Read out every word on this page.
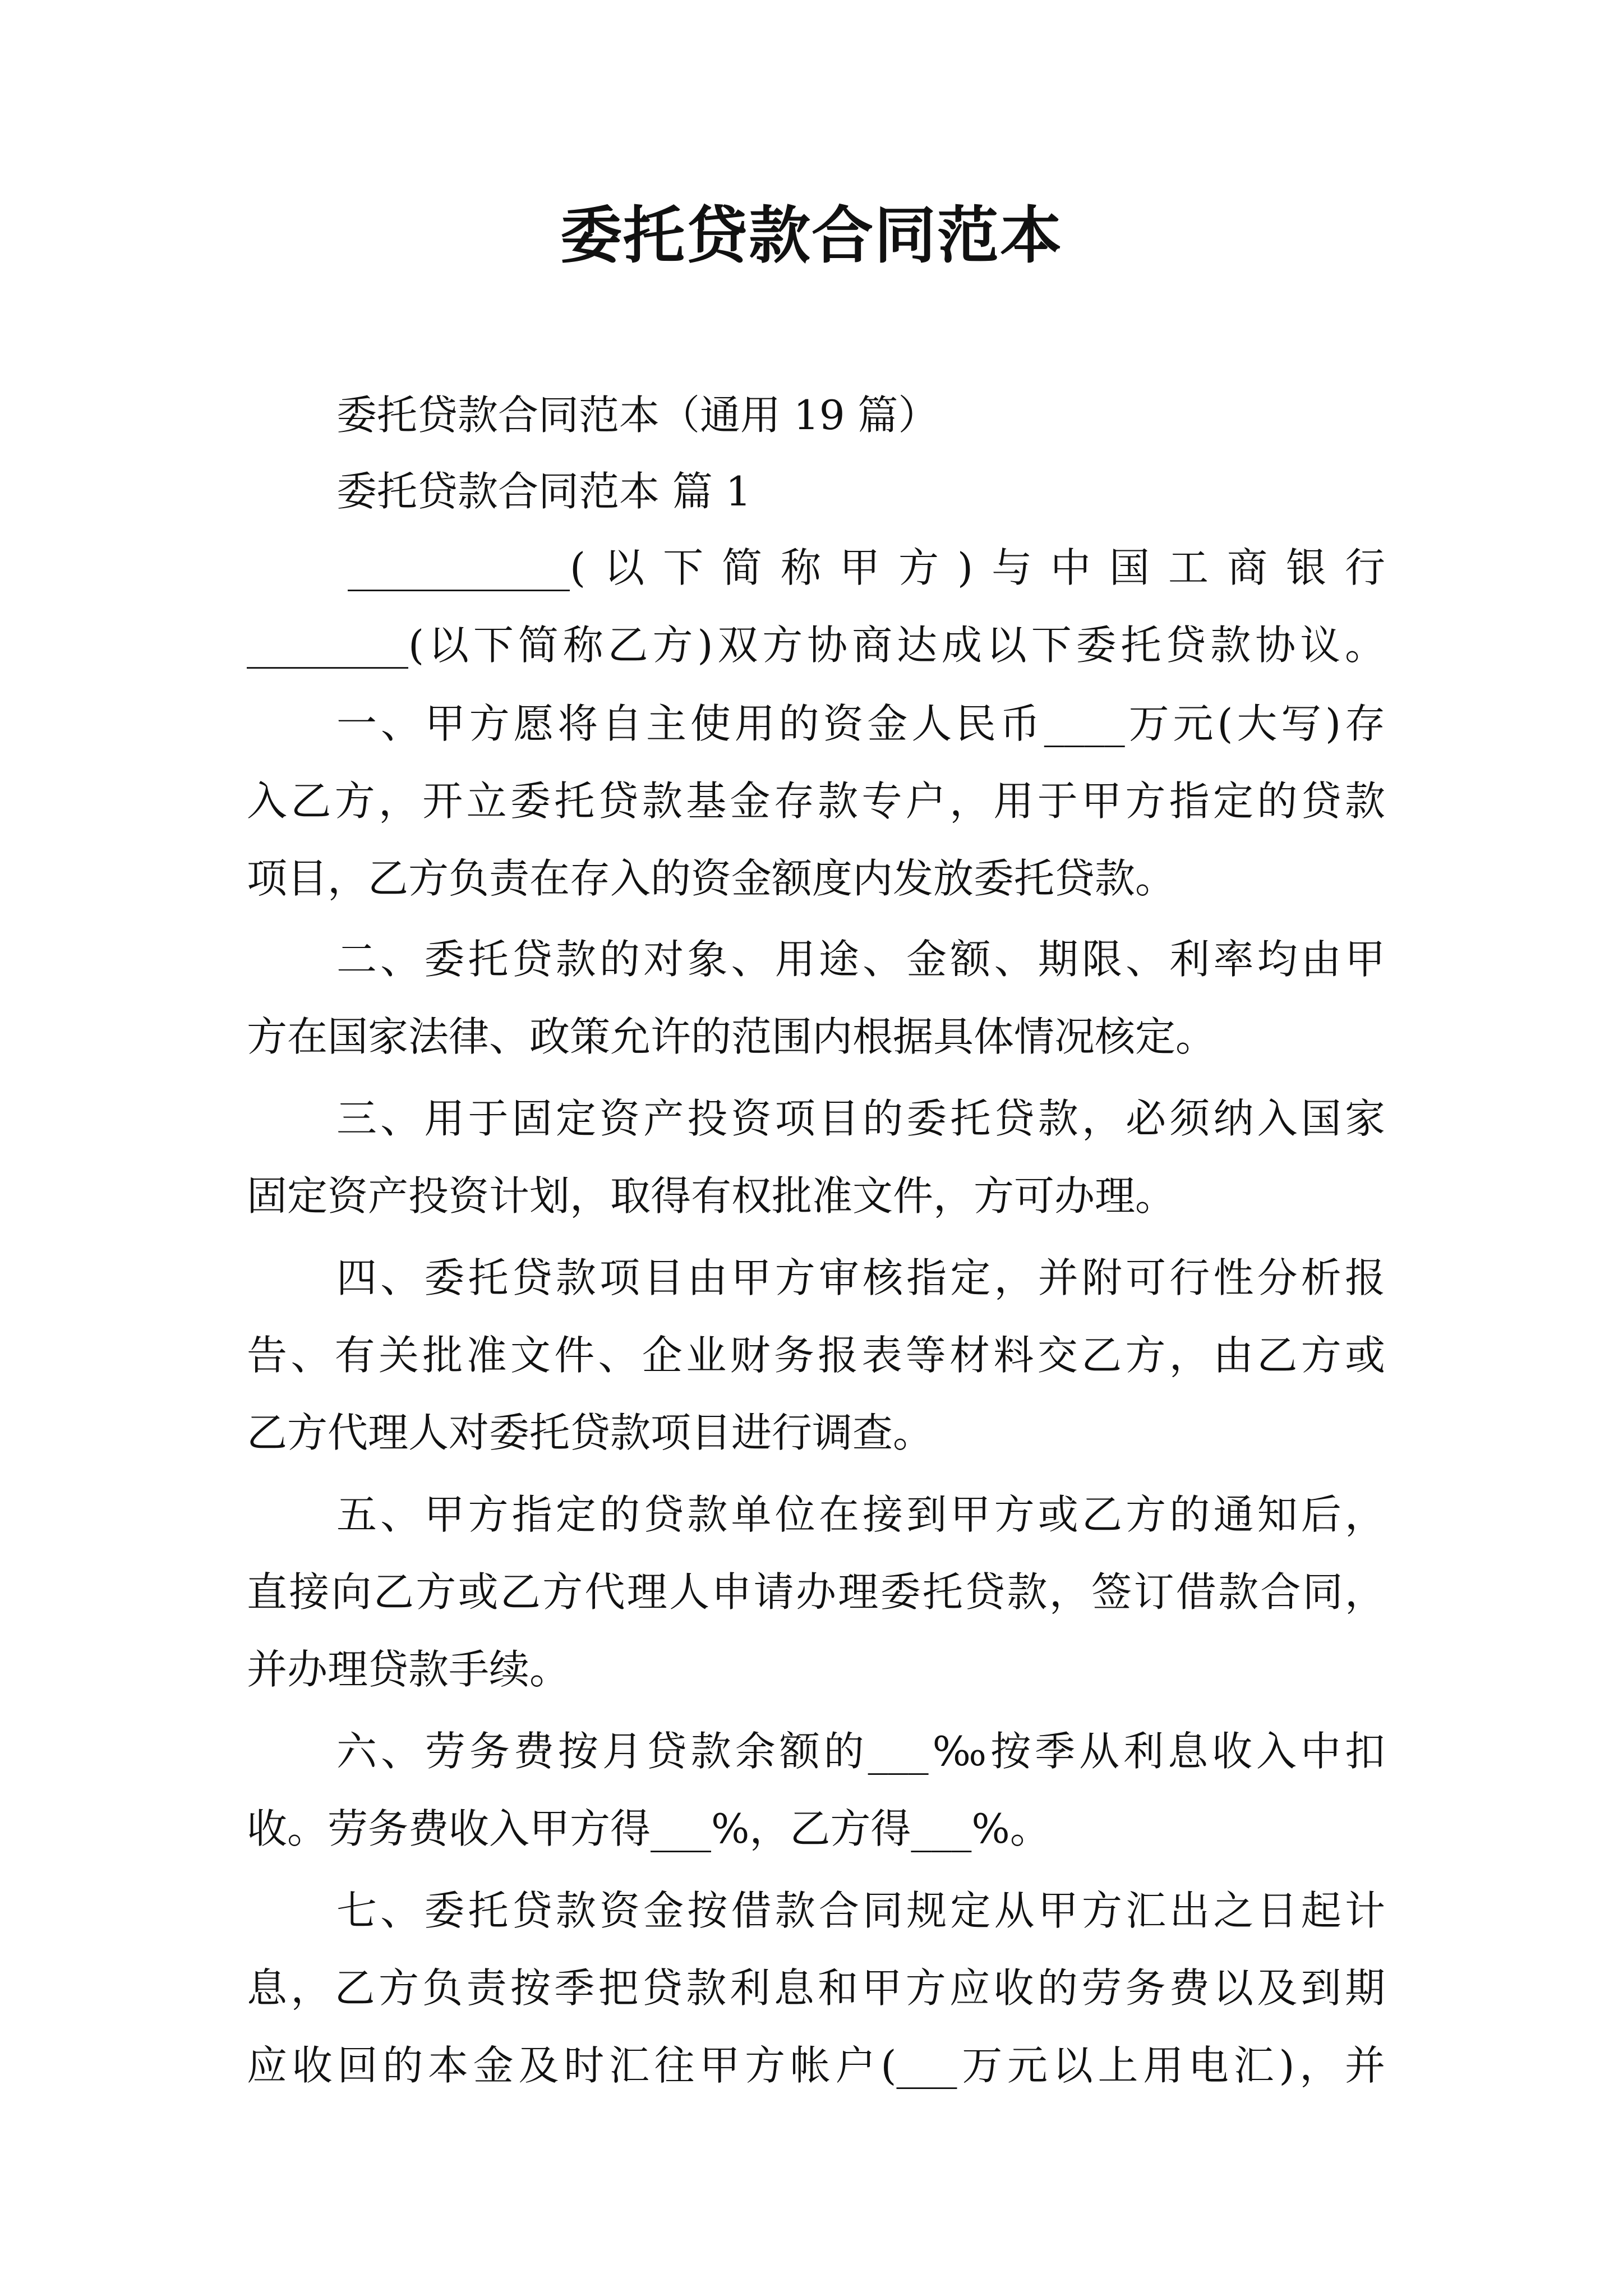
委托贷款合同范本
委托贷款合同范本（通用 19 篇）
委托贷款合同范本 篇 1
___________(以下简称甲方)与中国工商银行
________(以下简称乙方)双方协商达成以下委托贷款协议。
一、甲方愿将自主使用的资金人民币____万元(大写)存
入乙方，开立委托贷款基金存款专户，用于甲方指定的贷款
项目，乙方负责在存入的资金额度内发放委托贷款。
二、委托贷款的对象、用途、金额、期限、利率均由甲
方在国家法律、政策允许的范围内根据具体情况核定。
三、用于固定资产投资项目的委托贷款，必须纳入国家
固定资产投资计划，取得有权批准文件，方可办理。
四、委托贷款项目由甲方审核指定，并附可行性分析报
告、有关批准文件、企业财务报表等材料交乙方，由乙方或
乙方代理人对委托贷款项目进行调查。
五、甲方指定的贷款单位在接到甲方或乙方的通知后，
直接向乙方或乙方代理人申请办理委托贷款，签订借款合同，
并办理贷款手续。
六、劳务费按月贷款余额的___‰按季从利息收入中扣
收。劳务费收入甲方得___%，乙方得___%。
七、委托贷款资金按借款合同规定从甲方汇出之日起计
息，乙方负责按季把贷款利息和甲方应收的劳务费以及到期
应收回的本金及时汇往甲方帐户(___万元以上用电汇)，并
